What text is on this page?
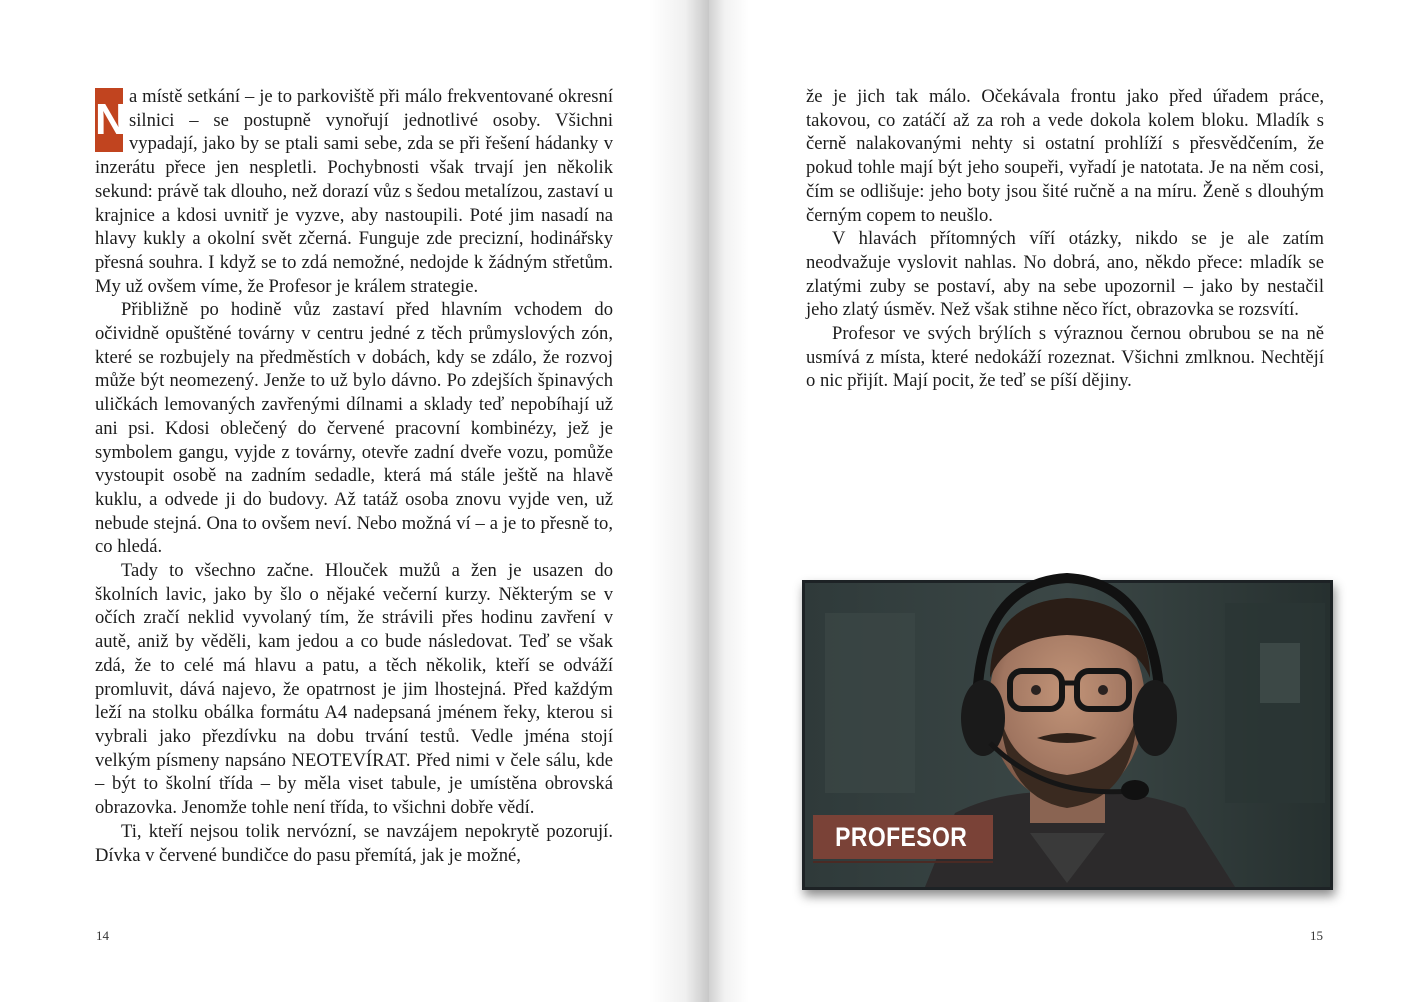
N a místě setkání – je to parkoviště při málo frekventované okresní silnici – se postupně vynořují jednotlivé osoby. Všichni vypadají, jako by se ptali sami sebe, zda se při řešení hádanky v inzerátu přece jen nespletli. Pochybnosti však trvají jen několik sekund: právě tak dlouho, než dorazí vůz s šedou metalízou, zastaví u krajnice a kdosi uvnitř je vyzve, aby nastoupili. Poté jim nasadí na hlavy kukly a okolní svět zčerná. Funguje zde precizní, hodinářsky přesná souhra. I když se to zdá nemožné, nedojde k žádným střetům. My už ovšem víme, že Profesor je králem strategie.

Přibližně po hodině vůz zastaví před hlavním vchodem do očividně opuštěné továrny v centru jedné z těch průmyslových zón, které se rozbujely na předměstích v dobách, kdy se zdálo, že rozvoj může být neomezený. Jenže to už bylo dávno. Po zdejších špinavých uličkách lemovaných zavřenými dílnami a sklady teď nepobíhají už ani psi. Kdosi oblečený do červené pracovní kombinézy, jež je symbolem gangu, vyjde z továrny, otevře zadní dveře vozu, pomůže vystoupit osobě na zadním sedadle, která má stále ještě na hlavě kuklu, a odvede ji do budovy. Až tatáž osoba znovu vyjde ven, už nebude stejná. Ona to ovšem neví. Nebo možná ví – a je to přesně to, co hledá.

Tady to všechno začne. Hlouček mužů a žen je usazen do školních lavic, jako by šlo o nějaké večerní kurzy. Některým se v očích zračí neklid vyvolaný tím, že strávili přes hodinu zavření v autě, aniž by věděli, kam jedou a co bude následovat. Teď se však zdá, že to celé má hlavu a patu, a těch několik, kteří se odváží promluvit, dává najevo, že opatrnost je jim lhostejná. Před každým leží na stolku obálka formátu A4 nadepsaná jménem řeky, kterou si vybrali jako přezdívku na dobu trvání testů. Vedle jména stojí velkým písmeny napsáno NEOTEVÍRAT. Před nimi v čele sálu, kde – být to školní třída – by měla viset tabule, je umístěna obrovská obrazovka. Jenomže tohle není třída, to všichni dobře vědí.

Ti, kteří nejsou tolik nervózní, se navzájem nepokrytě pozorují. Dívka v červené bundičce do pasu přemítá, jak je možné,

14

že je jich tak málo. Očekávala frontu jako před úřadem práce, takovou, co zatáčí až za roh a vede dokola kolem bloku. Mladík s černě nalakovanými nehty si ostatní prohlíží s přesvědčením, že pokud tohle mají být jeho soupeři, vyřadí je natotata. Je na něm cosi, čím se odlišuje: jeho boty jsou šité ručně a na míru. Ženě s dlouhým černým copem to neušlo.

V hlavách přítomných víří otázky, nikdo se je ale zatím neodvažuje vyslovit nahlas. No dobrá, ano, někdo přece: mladík se zlatými zuby se postaví, aby na sebe upozornil – jako by nestačil jeho zlatý úsměv. Než však stihne něco říct, obrazovka se rozsvítí.

Profesor ve svých brýlích s výraznou černou obrubou se na ně usmívá z místa, které nedokáží rozeznat. Všichni zmlknou. Nechtějí o nic přijít. Mají pocit, že teď se píší dějiny.

PROFESOR
15
